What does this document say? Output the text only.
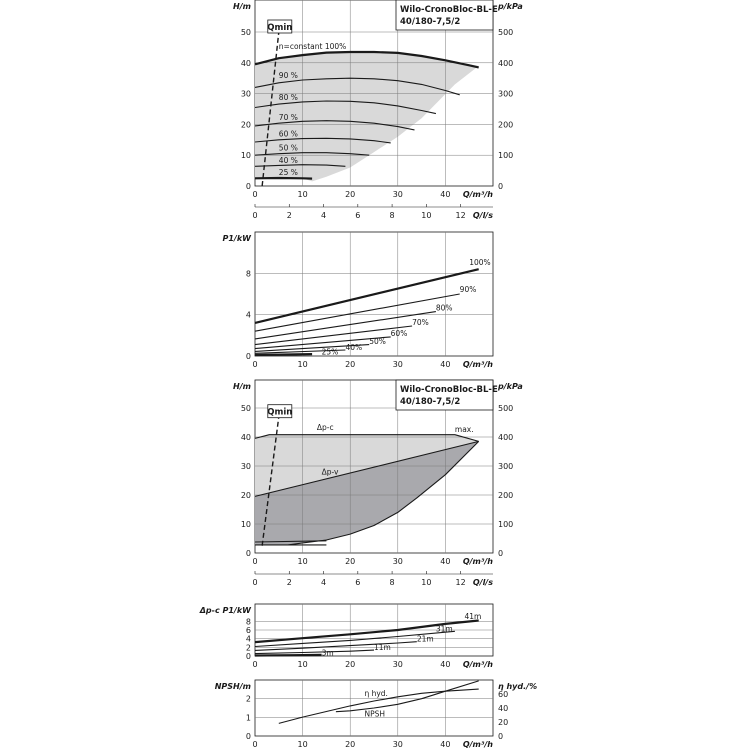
0	10	20	30	40
0
10
20
30
40
50
0
100
200
300
400
500
0	2	4	6	8	10	12 Q/l/s
Q/m³/h
H/m	p/kPa
Wilo-CronoBloc-BL-E
40/180-7,5/2
Qmin
0	10	20	30	40
0
4
8
Q/m³/h
P1/kW
0	10	20	30	40
0
10
20
30
40
50
0
100
200
300
400
500
0	2	4	6	8	10	12 Q/l/s
Q/m³/h
H/m	p/kPa
Wilo-CronoBloc-BL-E
40/180-7,5/2
Qmin
0	10	20	30	40
0
2
4
6
8
Q/m³/h
Δp-c P1/kW
0	10	20	30	40
0
1
2
0
20
40
60
Q/m³/h
NPSH/m	η hyd./%
n=constant 100%
90 %
80 %
70 %
60 %
50 %
40 %
25 %
100%
90%
80%
70%
60%
50%
40%
25%
41m
31m
21m
11m
3m
η hyd.
NPSH
Δp-c
Δp-v
max.
